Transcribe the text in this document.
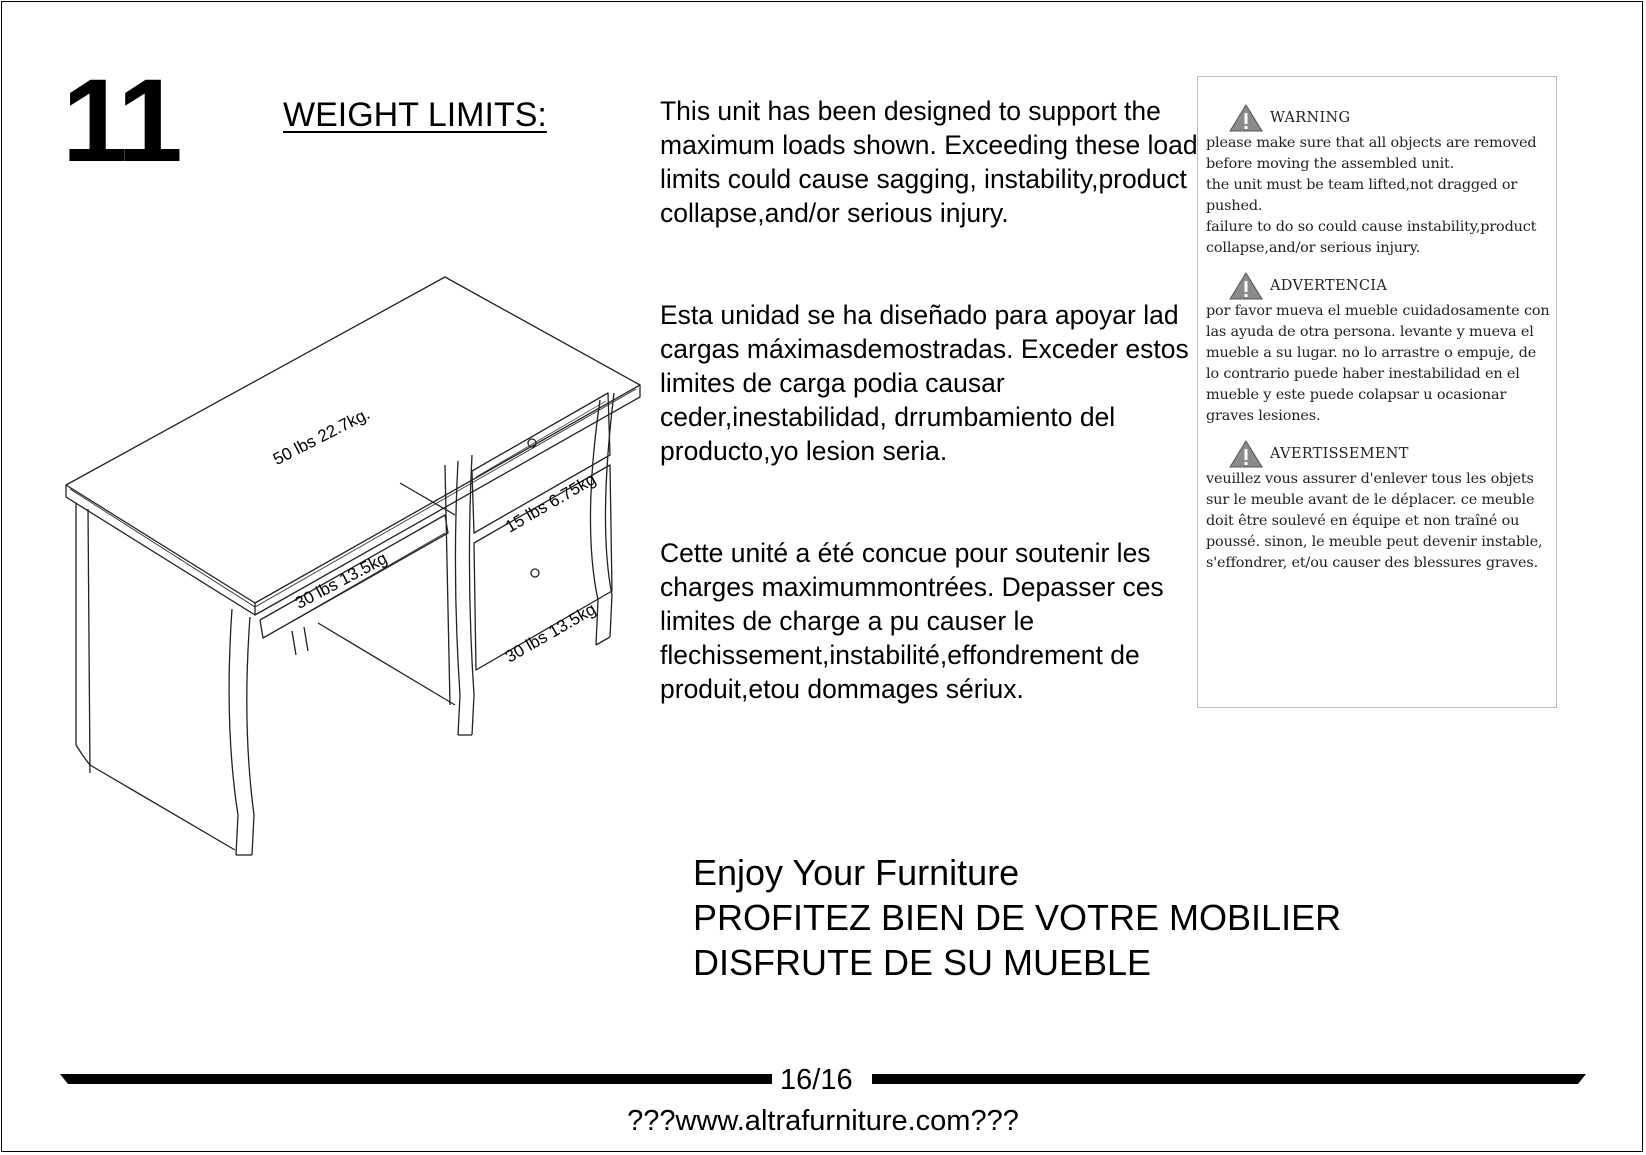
11	WEIGHT LIMITS:	This unit has been designed to support the maximum loads shown. Exceeding these load limits could cause sagging, instability,product collapse,and/or serious injury.

Esta unidad se ha diseñado para apoyar lad cargas máximasdemostradas. Exceder estos limites de carga podia causar ceder,inestabilidad, drrumbamiento del producto,yo lesion seria.

Cette unité a été concue pour soutenir les charges maximummontrées. Depasser ces limites de charge a pu causer le flechissement,instabilité,effondrement de produit,etou dommages sériux.

50 lbs 22.7kg.
30 lbs 13.5kg
15 lbs 6.75kg
30 lbs 13.5kg
WARNING
please make sure that all objects are removed before moving the assembled unit.
the unit must be team lifted,not dragged or pushed.
failure to do so could cause instability,product collapse,and/or serious injury.
ADVERTENCIA
por favor mueva el mueble cuidadosamente con las ayuda de otra persona. levante y mueva el mueble a su lugar. no lo arrastre o empuje, de lo contrario puede haber inestabilidad en el mueble y este puede colapsar u ocasionar graves lesiones.
AVERTISSEMENT
veuillez vous assurer d'enlever tous les objets sur le meuble avant de le déplacer. ce meuble doit être soulevé en équipe et non traîné ou poussé. sinon, le meuble peut devenir instable, s'effondrer, et/ou causer des blessures graves.
Enjoy Your Furniture
PROFITEZ BIEN DE VOTRE MOBILIER
DISFRUTE DE SU MUEBLE
16/16
???www.altrafurniture.com???
